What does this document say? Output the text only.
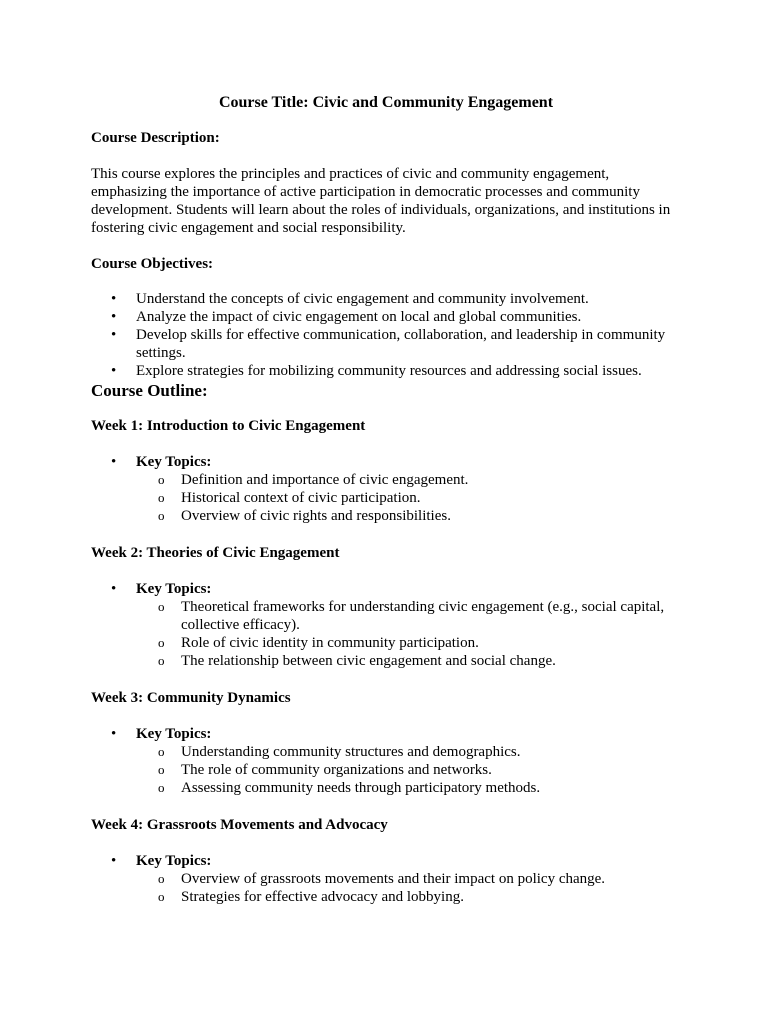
Course Title: Civic and Community Engagement
Course Description:
This course explores the principles and practices of civic and community engagement, emphasizing the importance of active participation in democratic processes and community development. Students will learn about the roles of individuals, organizations, and institutions in fostering civic engagement and social responsibility.
Course Objectives:
• Understand the concepts of civic engagement and community involvement.
• Analyze the impact of civic engagement on local and global communities.
• Develop skills for effective communication, collaboration, and leadership in community settings.
• Explore strategies for mobilizing community resources and addressing social issues.
Course Outline:
Week 1: Introduction to Civic Engagement
• Key Topics:
o Definition and importance of civic engagement.
o Historical context of civic participation.
o Overview of civic rights and responsibilities.
Week 2: Theories of Civic Engagement
• Key Topics:
o Theoretical frameworks for understanding civic engagement (e.g., social capital, collective efficacy).
o Role of civic identity in community participation.
o The relationship between civic engagement and social change.
Week 3: Community Dynamics
• Key Topics:
o Understanding community structures and demographics.
o The role of community organizations and networks.
o Assessing community needs through participatory methods.
Week 4: Grassroots Movements and Advocacy
• Key Topics:
o Overview of grassroots movements and their impact on policy change.
o Strategies for effective advocacy and lobbying.
